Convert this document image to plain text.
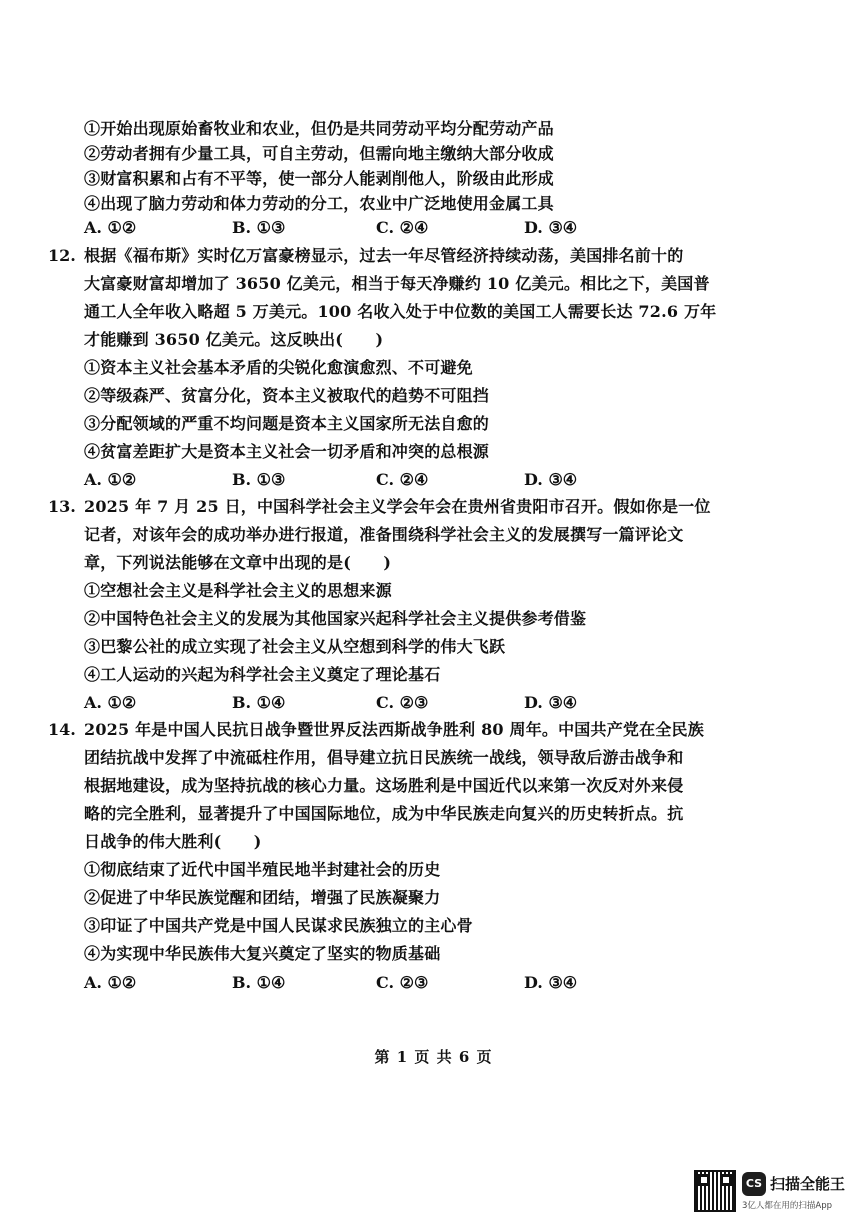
①开始出现原始畜牧业和农业，但仍是共同劳动平均分配劳动产品
②劳动者拥有少量工具，可自主劳动，但需向地主缴纳大部分收成
③财富积累和占有不平等，使一部分人能剥削他人，阶级由此形成
④出现了脑力劳动和体力劳动的分工，农业中广泛地使用金属工具
A. ①②	B. ①③	C. ②④	D. ③④
12. 根据《福布斯》实时亿万富豪榜显示，过去一年尽管经济持续动荡，美国排名前十的
大富豪财富却增加了 3650 亿美元，相当于每天净赚约 10 亿美元。相比之下，美国普
通工人全年收入略超 5 万美元。100 名收入处于中位数的美国工人需要长达 72.6 万年
才能赚到 3650 亿美元。这反映出(　　)
①资本主义社会基本矛盾的尖锐化愈演愈烈、不可避免
②等级森严、贫富分化，资本主义被取代的趋势不可阻挡
③分配领域的严重不均问题是资本主义国家所无法自愈的
④贫富差距扩大是资本主义社会一切矛盾和冲突的总根源
A. ①②	B. ①③	C. ②④	D. ③④
13. 2025 年 7 月 25 日，中国科学社会主义学会年会在贵州省贵阳市召开。假如你是一位
记者，对该年会的成功举办进行报道，准备围绕科学社会主义的发展撰写一篇评论文
章，下列说法能够在文章中出现的是(　　)
①空想社会主义是科学社会主义的思想来源
②中国特色社会主义的发展为其他国家兴起科学社会主义提供参考借鉴
③巴黎公社的成立实现了社会主义从空想到科学的伟大飞跃
④工人运动的兴起为科学社会主义奠定了理论基石
A. ①②	B. ①④	C. ②③	D. ③④
14. 2025 年是中国人民抗日战争暨世界反法西斯战争胜利 80 周年。中国共产党在全民族
团结抗战中发挥了中流砥柱作用，倡导建立抗日民族统一战线，领导敌后游击战争和
根据地建设，成为坚持抗战的核心力量。这场胜利是中国近代以来第一次反对外来侵
略的完全胜利，显著提升了中国国际地位，成为中华民族走向复兴的历史转折点。抗
日战争的伟大胜利(　　)
①彻底结束了近代中国半殖民地半封建社会的历史
②促进了中华民族觉醒和团结，增强了民族凝聚力
③印证了中国共产党是中国人民谋求民族独立的主心骨
④为实现中华民族伟大复兴奠定了坚实的物质基础
A. ①②	B. ①④	C. ②③	D. ③④
第 1 页 共 6 页
CS 扫描全能王
3亿人都在用的扫描App
